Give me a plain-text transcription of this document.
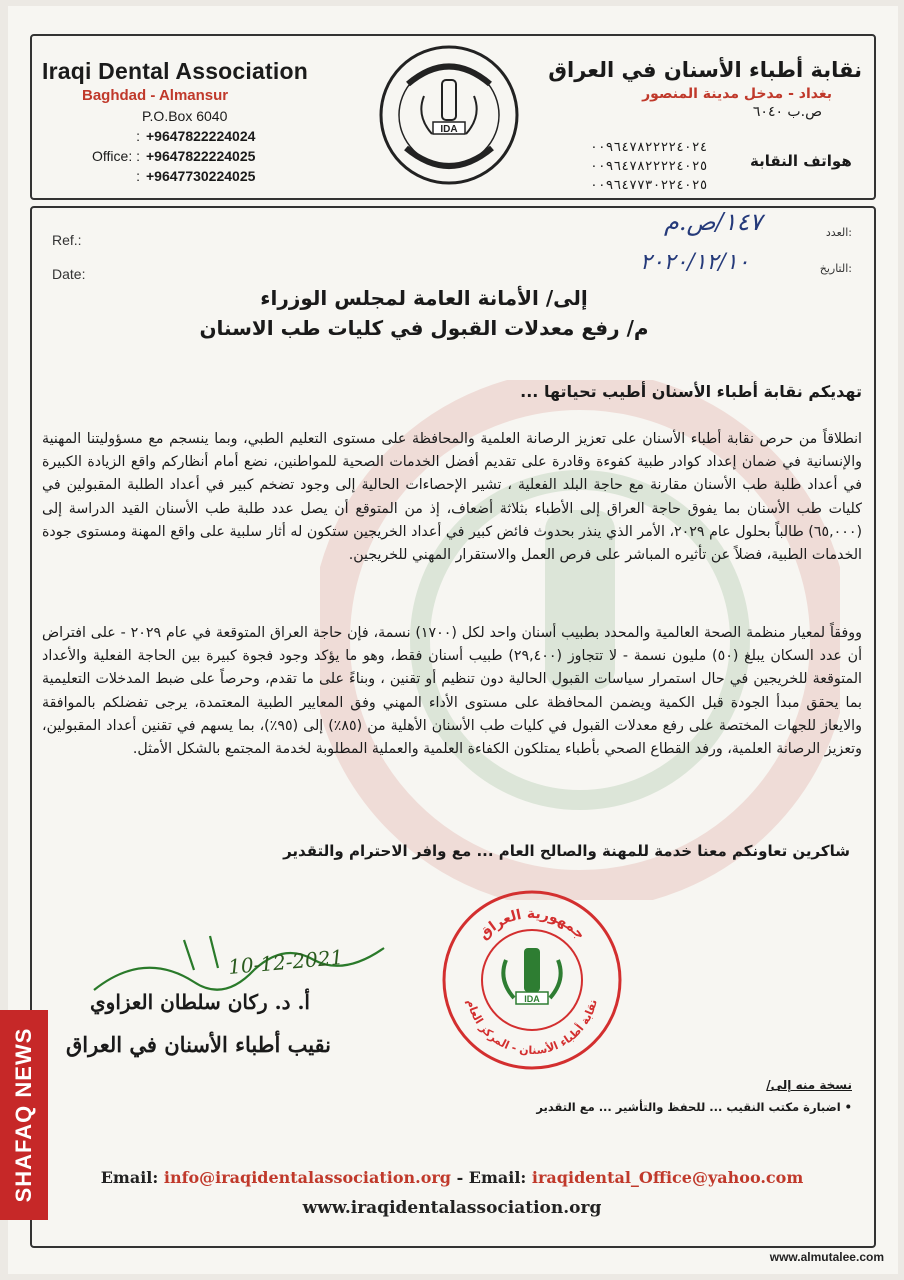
Iraqi Dental Association
Baghdad - Almansur
P.O.Box 6040
: +9647822224024
Office: : +9647822224025
: +9647730224025
نقابة أطباء الأسنان في العراق
بغداد - مدخل مدينة المنصور
ص.ب ٦٠٤٠
هواتف النقابة
٠٠٩٦٤٧٨٢٢٢٢٤٠٢٤
٠٠٩٦٤٧٨٢٢٢٢٤٠٢٥
٠٠٩٦٤٧٧٣٠٢٢٤٠٢٥
IDA
Ref.:
Date:
العدد:
التاريخ:
١٤٧/ص.م
٢٠٢٠/١٢/١٠
إلى/ الأمانة العامة لمجلس الوزراء
م/ رفع معدلات القبول في كليات طب الاسنان
تهديكم نقابة أطباء الأسنان أطيب تحياتها ...
انطلاقاً من حرص نقابة أطباء الأسنان على تعزيز الرصانة العلمية والمحافظة على مستوى التعليم الطبي، وبما ينسجم مع مسؤوليتنا المهنية والإنسانية في ضمان إعداد كوادر طبية كفوءة وقادرة على تقديم أفضل الخدمات الصحية للمواطنين، نضع أمام أنظاركم واقع الزيادة الكبيرة في أعداد طلبة طب الأسنان مقارنة مع حاجة البلد الفعلية ، تشير الإحصاءات الحالية إلى وجود تضخم كبير في أعداد الطلبة المقبولين في كليات طب الأسنان بما يفوق حاجة العراق إلى الأطباء بثلاثة أضعاف، إذ من المتوقع أن يصل عدد طلبة طب الأسنان القيد الدراسة إلى (٦٥,٠٠٠) طالباً بحلول عام ٢٠٢٩، الأمر الذي ينذر بحدوث فائض كبير في أعداد الخريجين ستكون له أثار سلبية على واقع المهنة ومستوى جودة الخدمات الطبية، فضلاً عن تأثيره المباشر على فرص العمل والاستقرار المهني للخريجين.
ووفقاً لمعيار منظمة الصحة العالمية والمحدد بطبيب أسنان واحد لكل (١٧٠٠) نسمة، فإن حاجة العراق المتوقعة في عام ٢٠٢٩ - على افتراض أن عدد السكان يبلغ (٥٠) مليون نسمة - لا تتجاوز (٢٩,٤٠٠) طبيب أسنان فقط، وهو ما يؤكد وجود فجوة كبيرة بين الحاجة الفعلية والأعداد المتوقعة للخريجين في حال استمرار سياسات القبول الحالية دون تنظيم أو تقنين ، وبناءً على ما تقدم، وحرصاً على ضبط المدخلات التعليمية بما يحقق مبدأ الجودة قبل الكمية ويضمن المحافظة على مستوى الأداء المهني وفق المعايير الطبية المعتمدة، يرجى تفضلكم بالموافقة والايعاز للجهات المختصة على رفع معدلات القبول في كليات طب الأسنان الأهلية من (٨٥٪) إلى (٩٥٪)، بما يسهم في تقنين أعداد المقبولين، وتعزيز الرصانة العلمية، ورفد القطاع الصحي بأطباء يمتلكون الكفاءة العلمية والعملية المطلوبة لخدمة المجتمع بالشكل الأمثل.
شاكرين تعاونكم معنا خدمة للمهنة والصالح العام ... مع وافر الاحترام والتقدير
جمهورية العراق
نقابة أطباء الأسنان - المركز العام
IDA
10-12-2021
أ. د. ركان سلطان العزاوي
نقيب أطباء الأسنان في العراق
نسخة منه إلى/
• اضبارة مكتب النقيب ... للحفظ والتأشير ... مع التقدير
Email: info@iraqidentalassociation.org - Email: iraqidental_Office@yahoo.com
www.iraqidentalassociation.org
SHAFAQ NEWS
www.almutalee.com
